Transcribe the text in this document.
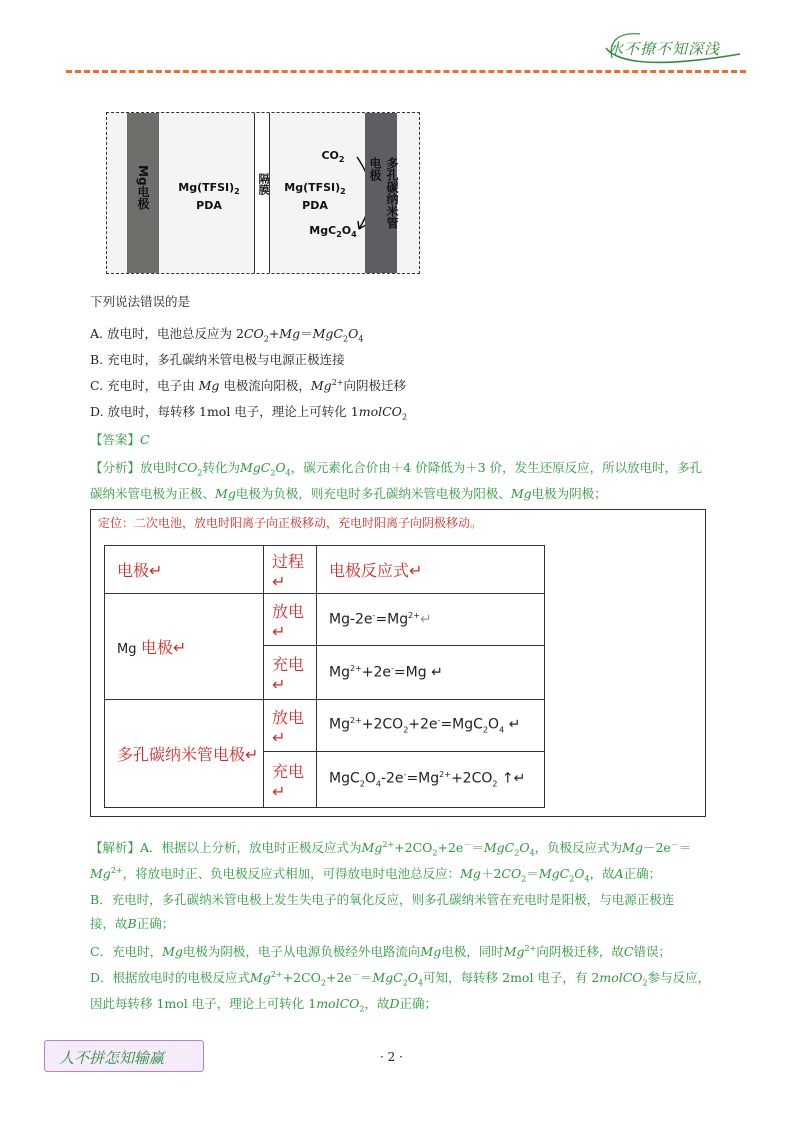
水不撩不知深浅
Mg电极	$Mg(TFSI)_2$
PDA
隔膜	$Mg(TFSI)_2$
PDA
$CO_2$
$MgC_2O_4$
多孔碳纳米管电极
下列说法错误的是
A. 放电时，电池总反应为 $2CO_2+Mg=MgC_2O_4$
B. 充电时，多孔碳纳米管电极与电源正极连接
C. 充电时，电子由 Mg 电极流向阳极，$Mg^{2+}$向阴极迁移
D. 放电时，每转移 1mol 电子，理论上可转化 1molCO$_2$
【答案】C
【分析】放电时$CO_2$转化为$MgC_2O_4$，碳元素化合价由＋4 价降低为＋3 价，发生还原反应，所以放电时，多孔
碳纳米管电极为正极、Mg电极为负极，则充电时多孔碳纳米管电极为阳极、Mg电极为阴极；
定位：二次电池，放电时阳离子向正极移动，充电时阳离子向阴极移动。
电极↵	过程↵	电极反应式↵
Mg 电极↵	放电↵	$Mg-2e^-=Mg^{2+}↵$
	充电↵	$Mg^{2+}+2e^-=Mg$ ↵
多孔碳纳米管电极↵	放电↵	$Mg^{2+}+2CO_2+2e^-=MgC_2O_4$ ↵
	充电↵	$MgC_2O_4-2e^-=Mg^{2+}+2CO_2$ ↑↵
【解析】A．根据以上分析，放电时正极反应式为$Mg^{2+}+2CO_2+2e^-=MgC_2O_4$，负极反应式为Mg－2e－＝
$Mg^{2+}$，将放电时正、负电极反应式相加，可得放电时电池总反应：$Mg+2CO_2=MgC_2O_4$，故A正确；
B．充电时，多孔碳纳米管电极上发生失电子的氧化反应，则多孔碳纳米管在充电时是阳极，与电源正极连
接，故B正确；
C．充电时，Mg电极为阴极，电子从电源负极经外电路流向Mg电极，同时$Mg^{2+}$向阴极迁移，故C错误；
D．根据放电时的电极反应式$Mg^{2+}+2CO_2+2e^-=MgC_2O_4$可知，每转移 2mol 电子，有 2molCO$_2$参与反应，
因此每转移 1mol 电子，理论上可转化 1molCO$_2$，故D正确；
人不拼怎知输赢	· 2 ·
